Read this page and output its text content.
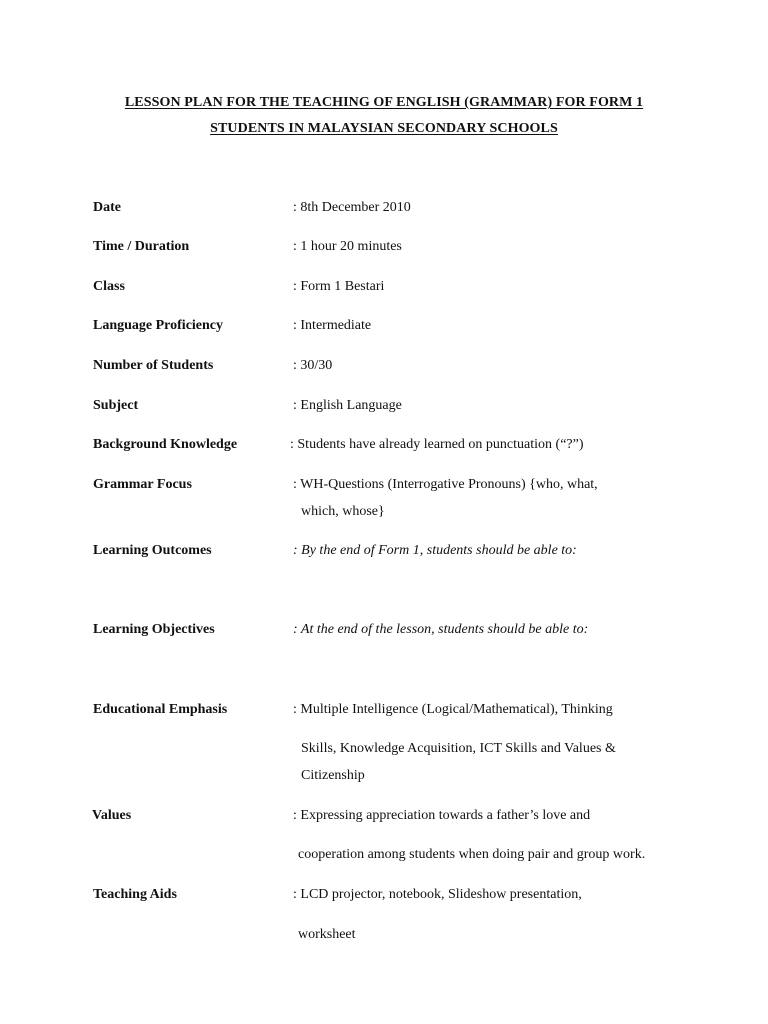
LESSON PLAN FOR THE TEACHING OF ENGLISH (GRAMMAR) FOR FORM 1
STUDENTS IN MALAYSIAN SECONDARY SCHOOLS
Date	: 8th December 2010
Time / Duration	: 1 hour 20 minutes
Class	: Form 1 Bestari
Language Proficiency	: Intermediate
Number of Students	: 30/30
Subject	: English Language
Background Knowledge	: Students have already learned on punctuation (“?”)
Grammar Focus	: WH-Questions (Interrogative Pronouns) {who, what,
which, whose}
Learning Outcomes	: By the end of Form 1, students should be able to:
Learning Objectives	: At the end of the lesson, students should be able to:
Educational Emphasis	: Multiple Intelligence (Logical/Mathematical), Thinking
Skills, Knowledge Acquisition, ICT Skills and Values &
Citizenship
Values	: Expressing appreciation towards a father’s love and
cooperation among students when doing pair and group work.
Teaching Aids	: LCD projector, notebook, Slideshow presentation,
worksheet
